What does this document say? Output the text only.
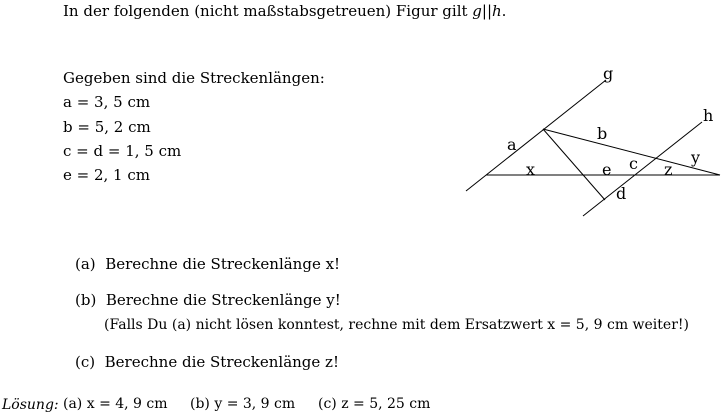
In der folgenden (nicht maßstabsgetreuen) Figur gilt g||h.
Gegeben sind die Streckenlängen:
a = 3, 5 cm
b = 5, 2 cm
c = d = 1, 5 cm
e = 2, 1 cm
g
h
a
b
x	e c z
y
d
(a) Berechne die Streckenlänge x!
(b) Berechne die Streckenlänge y!
(Falls Du (a) nicht lösen konntest, rechne mit dem Ersatzwert x = 5, 9 cm weiter!)
(c) Berechne die Streckenlänge z!
Lösung: (a) x = 4, 9 cm (b) y = 3, 9 cm (c) z = 5, 25 cm
